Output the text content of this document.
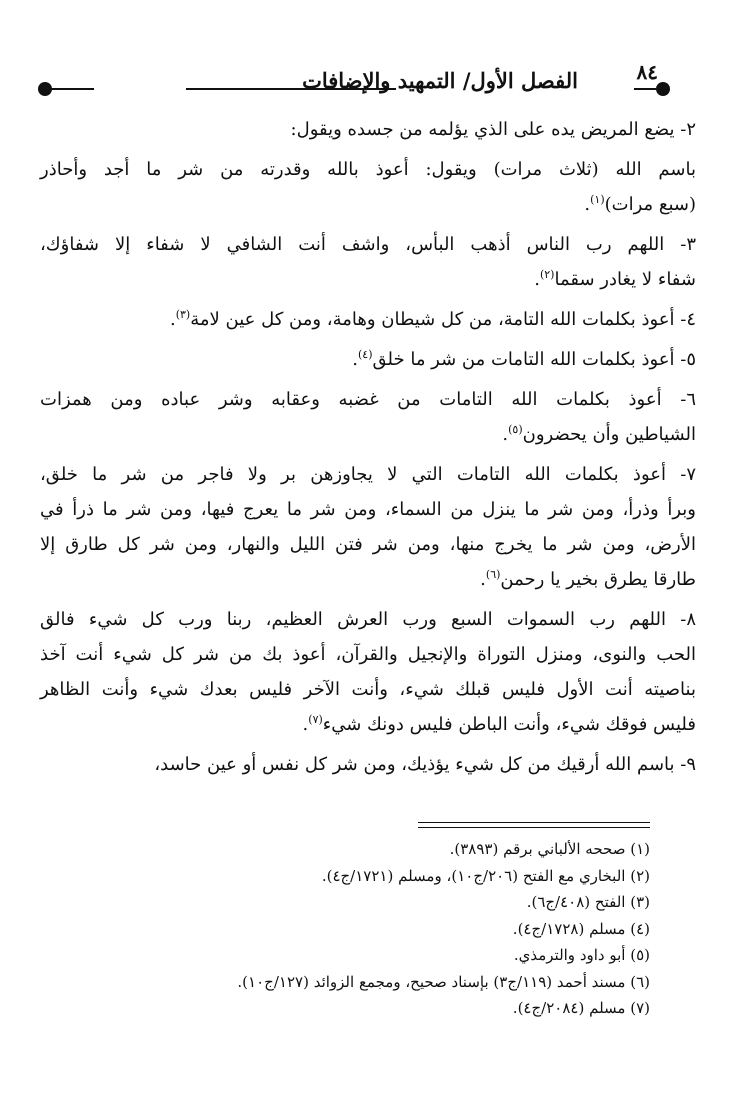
٨٤
الفصل الأول/ التمهيد والإضافات
٢- يضع المريض يده على الذي يؤلمه من جسده ويقول:
باسم الله (ثلاث مرات) ويقول: أعوذ بالله وقدرته من شر ما أجد وأحاذر
(سبع مرات)$^{(١)}$.
٣- اللهم رب الناس أذهب البأس، واشف أنت الشافي لا شفاء إلا شفاؤك،
شفاء لا يغادر سقما$^{(٢)}$.
٤- أعوذ بكلمات الله التامة، من كل شيطان وهامة، ومن كل عين لامة$^{(٣)}$.
٥- أعوذ بكلمات الله التامات من شر ما خلق$^{(٤)}$.
٦- أعوذ بكلمات الله التامات من غضبه وعقابه وشر عباده ومن همزات
الشياطين وأن يحضرون$^{(٥)}$.
٧- أعوذ بكلمات الله التامات التي لا يجاوزهن بر ولا فاجر من شر ما خلق،
وبرأ وذرأ، ومن شر ما ينزل من السماء، ومن شر ما يعرج فيها، ومن شر ما ذرأ في
الأرض، ومن شر ما يخرج منها، ومن شر فتن الليل والنهار، ومن شر كل طارق إلا
طارقا يطرق بخير يا رحمن$^{(٦)}$.
٨- اللهم رب السموات السبع ورب العرش العظيم، ربنا ورب كل شيء فالق
الحب والنوى، ومنزل التوراة والإنجيل والقرآن، أعوذ بك من شر كل شيء أنت آخذ
بناصيته أنت الأول فليس قبلك شيء، وأنت الآخر فليس بعدك شيء وأنت الظاهر
فليس فوقك شيء، وأنت الباطن فليس دونك شيء$^{(٧)}$.
٩- باسم الله أرقيك من كل شيء يؤذيك، ومن شر كل نفس أو عين حاسد،
(١) صححه الألباني برقم (٣٨٩٣).
(٢) البخاري مع الفتح (٢٠٦/ج١٠)، ومسلم (١٧٢١/ج٤).
(٣) الفتح (٤٠٨/ج٦).
(٤) مسلم (١٧٢٨/ج٤).
(٥) أبو داود والترمذي.
(٦) مسند أحمد (١١٩/ج٣) بإسناد صحيح، ومجمع الزوائد (١٢٧/ج١٠).
(٧) مسلم (٢٠٨٤/ج٤).
